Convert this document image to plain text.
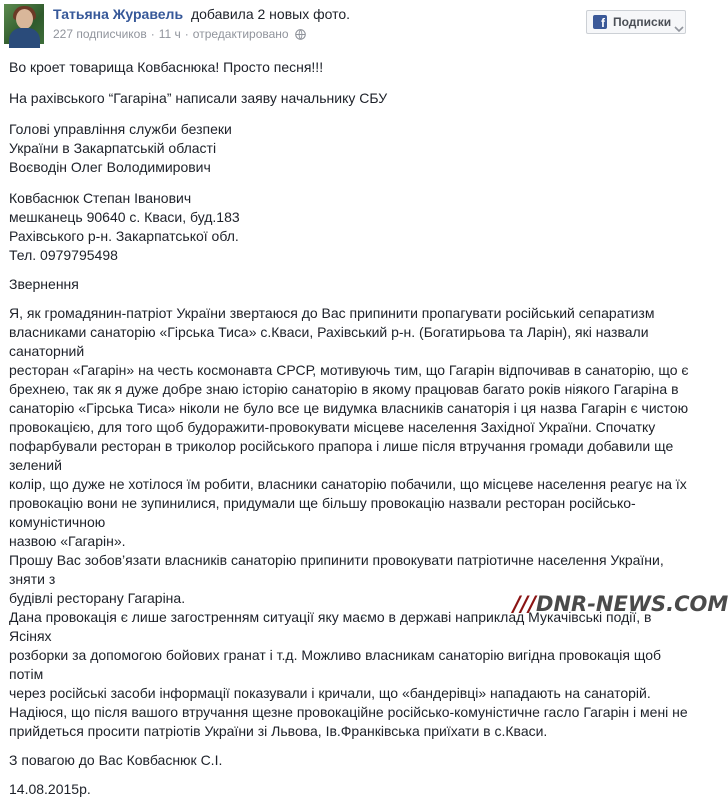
Татьяна Журавель добавила 2 новых фото.
227 подписчиков · 11 ч · отредактировано
f Подписки

Во кроет товарища Ковбаснюка! Просто песня!!!

На рахівського “Гагаріна” написали заяву начальнику СБУ

Голові управління служби безпеки

України в Закарпатській області

Воєводін Олег Володимирович

Ковбаснюк Степан Іванович

мешканець 90640 с. Кваси, буд.183

Рахівського р-н. Закарпатської обл.

Тел. 0979795498

Звернення

Я, як громадянин-патріот України звертаюся до Вас припинити пропагувати російський сепаратизм

власниками санаторію «Гірська Тиса» с.Кваси, Рахівський р-н. (Богатирьова та Ларін), які назвали санаторний

ресторан «Гагарін» на честь космонавта СРСР, мотивуючь тим, що Гагарін відпочивав в санаторію, що є

брехнею, так як я дуже добре знаю історію санаторію в якому працював багато років ніякого Гагаріна в

санаторію «Гірська Тиса» ніколи не було все це видумка власників санаторія і ця назва Гагарін є чистою

провокацією, для того щоб будоражити-провокувати місцеве населення Західної України. Спочатку

пофарбували ресторан в триколор російського прапора і лише після втручання громади добавили ще зелений

колір, що дуже не хотілося їм робити, власники санаторію побачили, що місцеве населення реагує на їх

провокацію вони не зупинилися, придумали ще більшу провокацію назвали ресторан російсько-комуністичною

назвою «Гагарін».

Прошу Вас зобов’язати власників санаторію припинити провокувати патріотичне населення України, зняти з

будівлі ресторану Гагаріна.

Дана провокація є лише загостренням ситуації яку маємо в державі наприклад Мукачівські події, в Ясінях

розборки за допомогою бойових гранат і т.д. Можливо власникам санаторію вигідна провокація щоб потім

через російські засоби інформації показували і кричали, що «бандерівці» нападають на санаторій.

Надіюся, що після вашого втручання щезне провокаційне російсько-комуністичне гасло Гагарін і мені не

прийдеться просити патріотів України зі Львова, Ів.Франківська приїхати в с.Кваси.

З повагою до Вас Ковбаснюк С.І.

14.08.2015р.

///DNR-NEWS.COM
